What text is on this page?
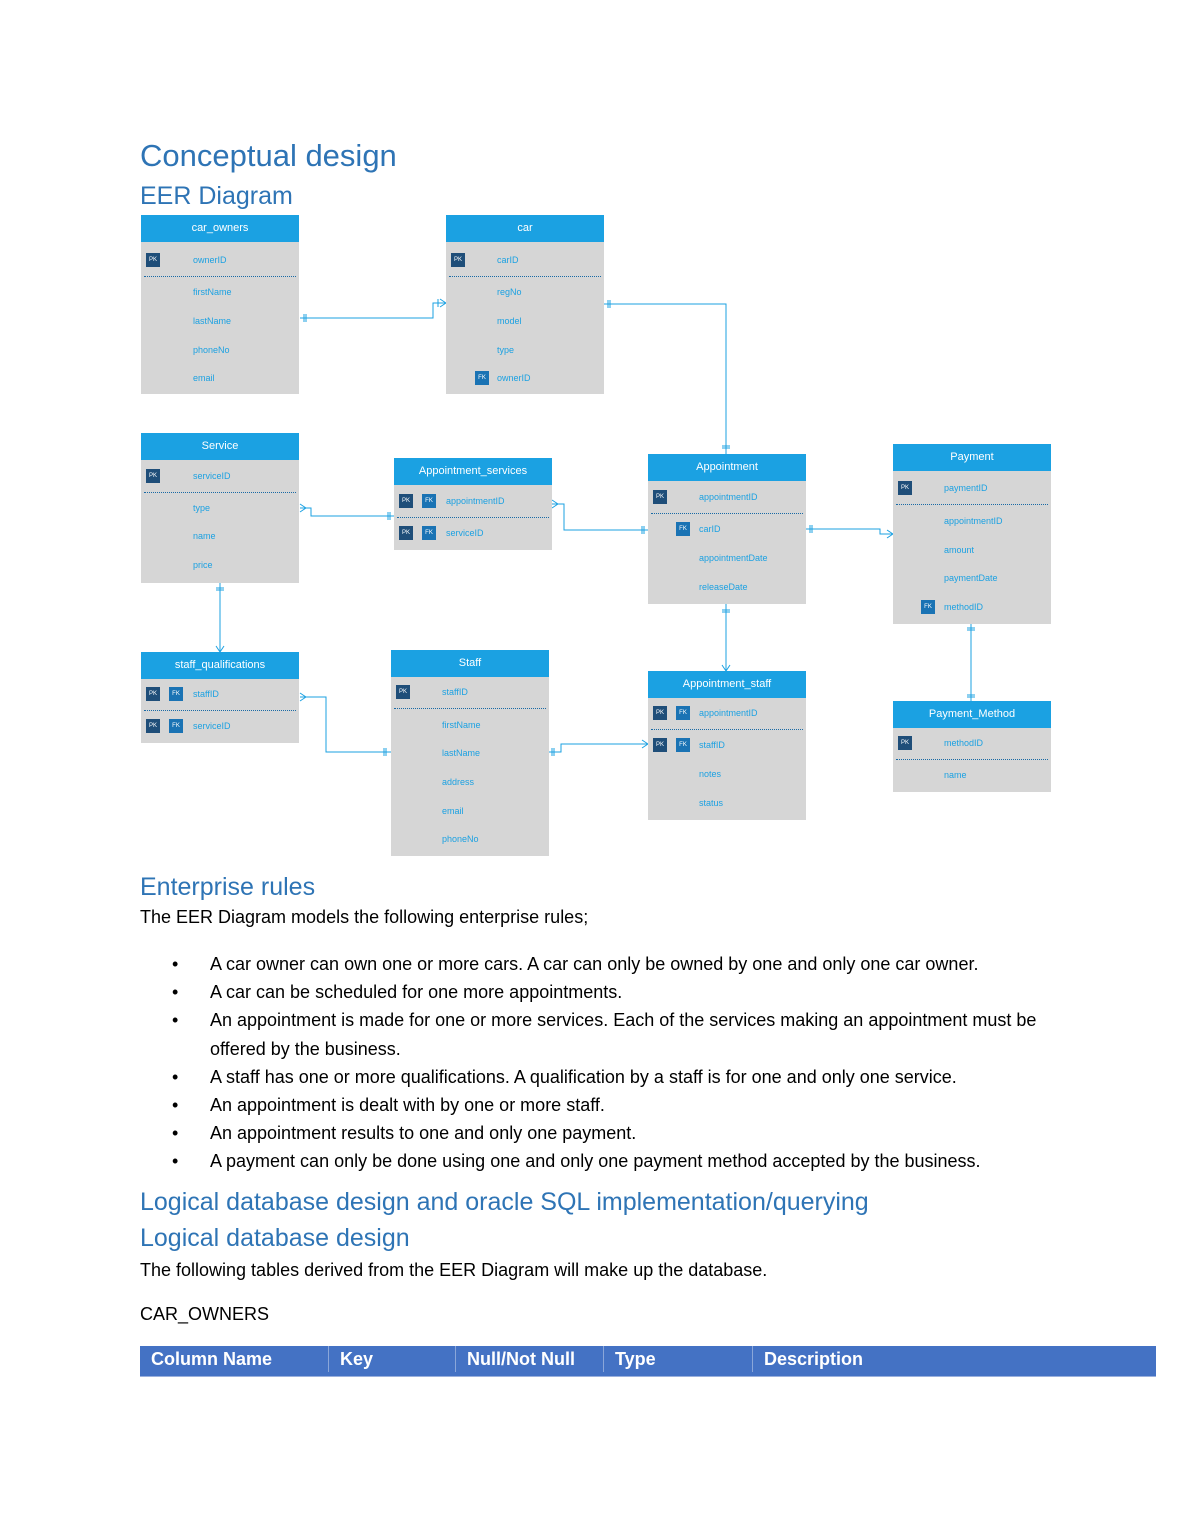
Conceptual design
EER Diagram
car_owners
PK	ownerID
firstName
lastName
phoneNo
email
car
PK	carID
regNo
model
type
FK	ownerID
Service
PK	serviceID
type
name
price
Appointment_services
PK	FK	appointmentID
PK	FK	serviceID
Appointment
PK	appointmentID
FK	carID
appointmentDate
releaseDate
Payment
PK	paymentID
appointmentID
amount
paymentDate
FK	methodID
staff_qualifications
PK	FK	staffID
PK	FK	serviceID
Staff
PK	staffID
firstName
lastName
address
email
phoneNo
Appointment_staff
PK	FK	appointmentID
PK	FK	staffID
notes
status
Payment_Method
PK	methodID
name
Enterprise rules

The EER Diagram models the following enterprise rules;

• A car owner can own one or more cars. A car can only be owned by one and only one car owner.
• A car can be scheduled for one more appointments.
• An appointment is made for one or more services. Each of the services making an appointment must be offered by the business.
• A staff has one or more qualifications. A qualification by a staff is for one and only one service.
• An appointment is dealt with by one or more staff.
• An appointment results to one and only one payment.
• A payment can only be done using one and only one payment method accepted by the business.
Logical database design and oracle SQL implementation/querying
Logical database design

The following tables derived from the EER Diagram will make up the database.

CAR_OWNERS

Column Name	Key	Null/Not Null	Type	Description
